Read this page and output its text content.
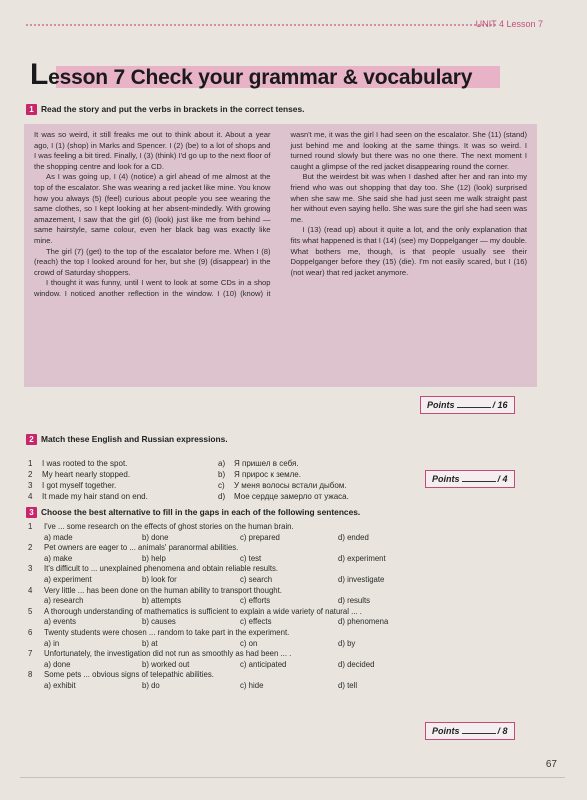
UNIT 4 Lesson 7
Lesson 7 Check your grammar & vocabulary
1 Read the story and put the verbs in brackets in the correct tenses.

It was so weird, it still freaks me out to think about it. About a year ago, I (1) (shop) in Marks and Spencer. I (2) (be) to a lot of shops and I was feeling a bit tired. Finally, I (3) (think) I'd go up to the next floor of the shopping centre and look for a CD.

As I was going up, I (4) (notice) a girl ahead of me almost at the top of the escalator. She was wearing a red jacket like mine. You know how you always (5) (feel) curious about people you see wearing the same clothes, so I kept looking at her absent-mindedly. With growing amazement, I saw that the girl (6) (look) just like me from behind — same hairstyle, same colour, even her black bag was exactly like mine.

The girl (7) (get) to the top of the escalator before me. When I (8) (reach) the top I looked around for her, but she (9) (disappear) in the crowd of Saturday shoppers.

I thought it was funny, until I went to look at some CDs in a shop window. I noticed another reflection in the window. I (10) (know) it wasn't me, it was the girl I had seen on the escalator. She (11) (stand) just behind me and looking at the same things. It was so weird. I turned round slowly but there was no one there. The next moment I caught a glimpse of the red jacket disappearing round the corner.

But the weirdest bit was when I dashed after her and ran into my friend who was out shopping that day too. She (12) (look) surprised when she saw me. She said she had just seen me walk straight past her without even saying hello. She was sure the girl she had seen was me.

I (13) (read up) about it quite a lot, and the only explanation that fits what happened is that I (14) (see) my Doppelganger — my double. What bothers me, though, is that people usually see their Doppelganger before they (15) (die). I'm not easily scared, but I (16) (not wear) that red jacket anymore.

Points	/ 16
2 Match these English and Russian expressions.
1	I was rooted to the spot.	a)	Я пришел в себя.
2	My heart nearly stopped.	b)	Я прирос к земле.
3	I got myself together.	c)	У меня волосы встали дыбом.
4	It made my hair stand on end.	d)	Мое сердце замерло от ужаса.
Points	/ 4
3 Choose the best alternative to fill in the gaps in each of the following sentences.
1	I've ... some research on the effects of ghost stories on the human brain.
a) made	b) done	c) prepared	d) ended
2	Pet owners are eager to ... animals' paranormal abilities.
a) make	b) help	c) test	d) experiment
3	It's difficult to ... unexplained phenomena and obtain reliable results.
a) experiment	b) look for	c) search	d) investigate
4	Very little ... has been done on the human ability to transport thought.
a) research	b) attempts	c) efforts	d) results
5	A thorough understanding of mathematics is sufficient to explain a wide variety of natural ... .
a) events	b) causes	c) effects	d) phenomena
6	Twenty students were chosen ... random to take part in the experiment.
a) in	b) at	c) on	d) by
7	Unfortunately, the investigation did not run as smoothly as had been ... .
a) done	b) worked out	c) anticipated	d) decided
8	Some pets ... obvious signs of telepathic abilities.
a) exhibit	b) do	c) hide	d) tell
Points	/ 8
67
